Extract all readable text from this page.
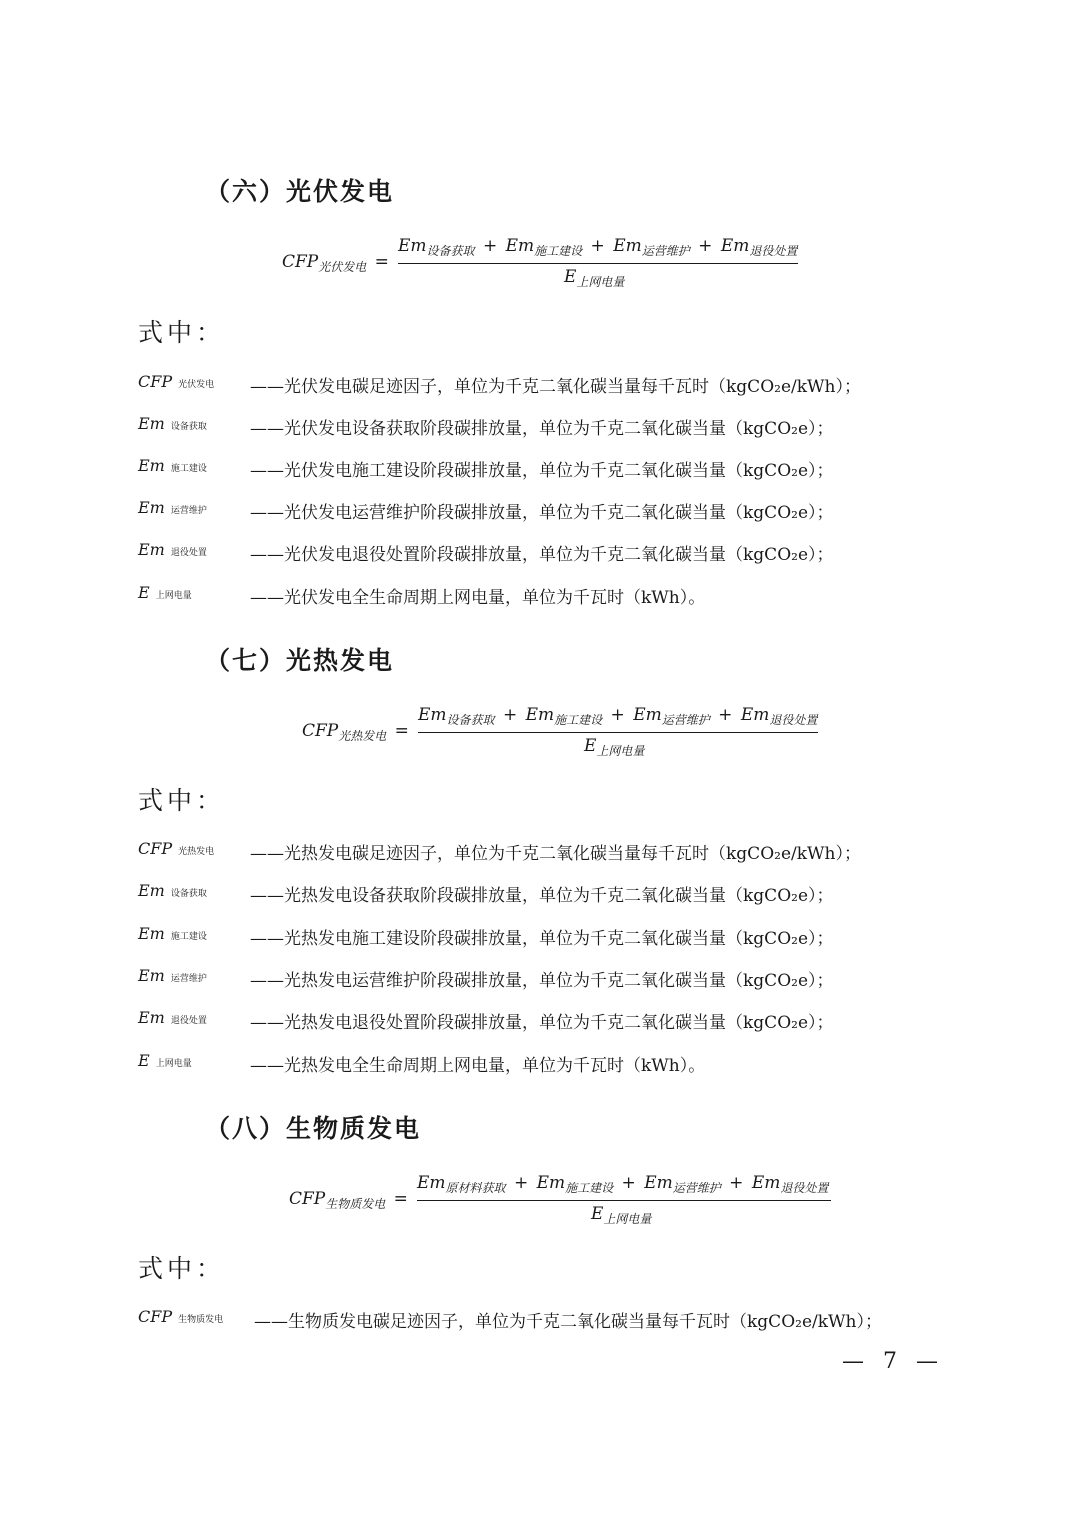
（六）光伏发电
$CFP_{光伏发电}$ =
$Em_{设备获取} + Em_{施工建设} + Em_{运营维护} + Em_{退役处置}$
$E_{上网电量}$
式中：
CFP 光伏发电 ——光伏发电碳足迹因子，单位为千克二氧化碳当量每千瓦时（kgCO₂e/kWh）；
Em 设备获取	——光伏发电设备获取阶段碳排放量，单位为千克二氧化碳当量（kgCO₂e）；
Em 施工建设	——光伏发电施工建设阶段碳排放量，单位为千克二氧化碳当量（kgCO₂e）；
Em 运营维护	——光伏发电运营维护阶段碳排放量，单位为千克二氧化碳当量（kgCO₂e）；
Em 退役处置	——光伏发电退役处置阶段碳排放量，单位为千克二氧化碳当量（kgCO₂e）；
E上网电量	——光伏发电全生命周期上网电量，单位为千瓦时（kWh）。
（七）光热发电
$CFP_{光热发电}$ =
$Em_{设备获取} + Em_{施工建设} + Em_{运营维护} + Em_{退役处置}$
$E_{上网电量}$
式中：
CFP 光热发电 ——光热发电碳足迹因子，单位为千克二氧化碳当量每千瓦时（kgCO₂e/kWh）；
Em 设备获取	——光热发电设备获取阶段碳排放量，单位为千克二氧化碳当量（kgCO₂e）；
Em 施工建设	——光热发电施工建设阶段碳排放量，单位为千克二氧化碳当量（kgCO₂e）；
Em 运营维护	——光热发电运营维护阶段碳排放量，单位为千克二氧化碳当量（kgCO₂e）；
Em 退役处置	——光热发电退役处置阶段碳排放量，单位为千克二氧化碳当量（kgCO₂e）；
E上网电量	——光热发电全生命周期上网电量，单位为千瓦时（kWh）。
（八）生物质发电
$CFP_{生物质发电}$ =
$Em_{原材料获取} + Em_{施工建设} + Em_{运营维护} + Em_{退役处置}$
$E_{上网电量}$
式中：
CFP 生物质发电 ——生物质发电碳足迹因子，单位为千克二氧化碳当量每千瓦时（kgCO₂e/kWh）；
— 7 —
